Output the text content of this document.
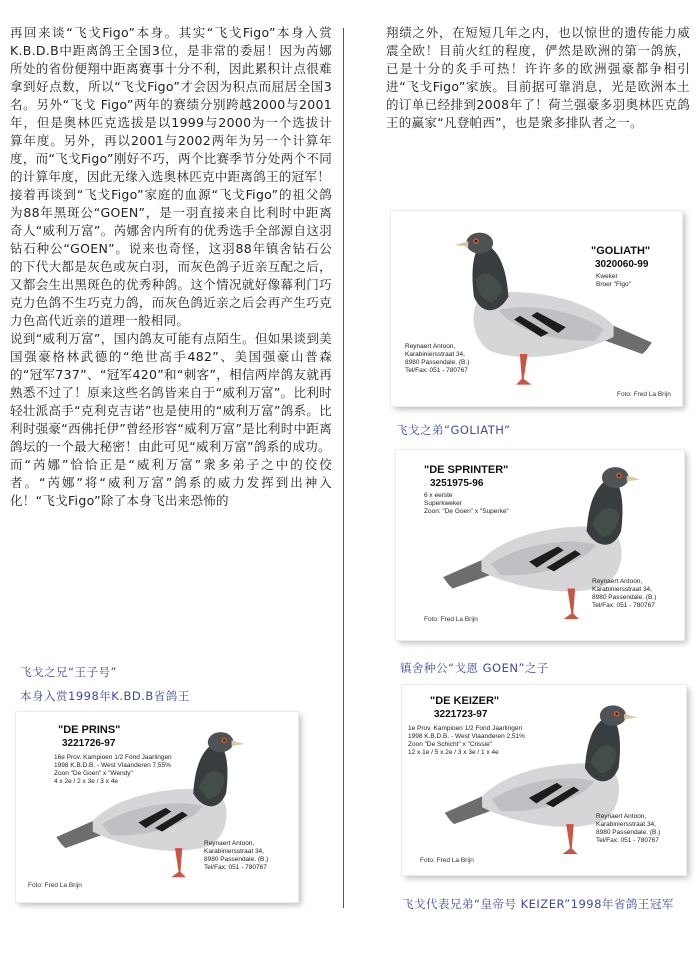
再回来谈“飞戈Figo”本身。其实“飞戈Figo”本身入赏K.B.D.B中距离鸽王全国3位，是非常的委屈！因为芮娜所处的省份便翔中距离赛事十分不利，因此累积计点很难拿到好点数，所以“飞戈Figo”才会因为积点而屈居全国3名。另外“飞戈 Figo”两年的赛绩分别跨越2000与2001年，但是奥林匹克选拔是以1999与2000为一个选拔计算年度。另外，再以2001与2002两年为另一个计算年度，而“飞戈Figo”刚好不巧，两个比赛季节分处两个不同的计算年度，因此无缘入选奥林匹克中距离鸽王的冠军！

接着再谈到“飞戈Figo”家庭的血源“飞戈Figo”的祖父鸽为88年黑斑公“GOEN”，是一羽直接来自比利时中距离奇人“威利万富”。芮娜舍内所有的优秀选手全部源自这羽钻石种公“GOEN”。说来也奇怪，这羽88年镇舍钻石公的下代大都是灰色或灰白羽，而灰色鸽子近亲互配之后，又都会生出黑斑色的优秀种鸽。这个情况就好像幕利门巧克力色鸽不生巧克力鸽，而灰色鸽近亲之后会再产生巧克力色高代近亲的道理一般相同。

说到“威利万富”，国内鸽友可能有点陌生。但如果谈到美国强豪格林武德的“绝世高手482”、美国强豪山普森的“冠军737”、“冠军420”和“刺客”，相信两岸鸽友就再熟悉不过了！原来这些名鸽皆来自于“威利万富”。比利时轻壮派高手“克利克吉诺”也是使用的“威利万富”鸽系。比利时强豪“西佛托伊”曾经形容“威利万富”是比利时中距离鸽坛的一个最大秘密！由此可见“威利万富”鸽系的成功。

而“芮娜”恰恰正是“威利万富”衆多弟子之中的佼佼者。“芮娜”将“威利万富”鸽系的威力发挥到出神入化！“飞戈Figo”除了本身飞出来恐怖的

飞戈之兄“王子号”
本身入赏1998年K.BD.B省鸽王

翔绩之外，在短短几年之内，也以惊世的遗传能力威震全欧！目前火红的程度，俨然是欧洲的第一鸽族，已是十分的炙手可热！许许多的欧洲强豪都争相引进“飞戈Figo”家族。目前据可靠消息，光是欧洲本土的订单已经排到2008年了！荷兰强豪多羽奥林匹克鸽王的赢家“凡登帕西”，也是衆多排队者之一。

"GOLIATH"
3020060-99
Kweker
Broer "Figo"
Reynaert Antoon,
Karabiniersstraat 34,
8980 Passendale. (B.)
Tel/Fax: 051 - 780767
Foto: Fred La Brijn
飞戈之弟“GOLIATH”
"DE SPRINTER"
3251975-96
6 x eerste
Superkweker
Zoon: "De Goen" x "Superke"
Reynaert Antoon,
Karabiniersstraat 34,
8980 Passendale. (B.)
Tel/Fax: 051 - 780767
Foto: Fred La Brijn
镇舍种公“戈恩 GOEN”之子
"DE PRINS"
3221726-97
16e Prov. Kampioen 1/2 Fond Jaarlingen
1998 K.B.D.B. - West Vlaanderen 7,55%
Zoon "De Goen" x "Wendy"
4 x 2e / 2 x 3e / 3 x 4e
Reynaert Antoon,
Karabiniersstraat 34,
8980 Passendale. (B.)
Tel/Fax: 051 - 780767
Foto: Fred La Brijn
"DE KEIZER"
3221723-97
1e Prov. Kampioen 1/2 Fond Jaarlingen
1998 K.B.D.B. - West Vlaanderen 2,51%
Zoon "De Schicht" x "Crissie"
12 x 1e / 5 x 2e / 3 x 3e / 1 x 4e
Reynaert Antoon,
Karabiniersstraat 34,
8980 Passendale. (B.)
Tel/Fax: 051 - 780767
Foto: Fred La Brijn
飞戈代表兄弟“皇帝号 KEIZER”1998年省鸽王冠军
